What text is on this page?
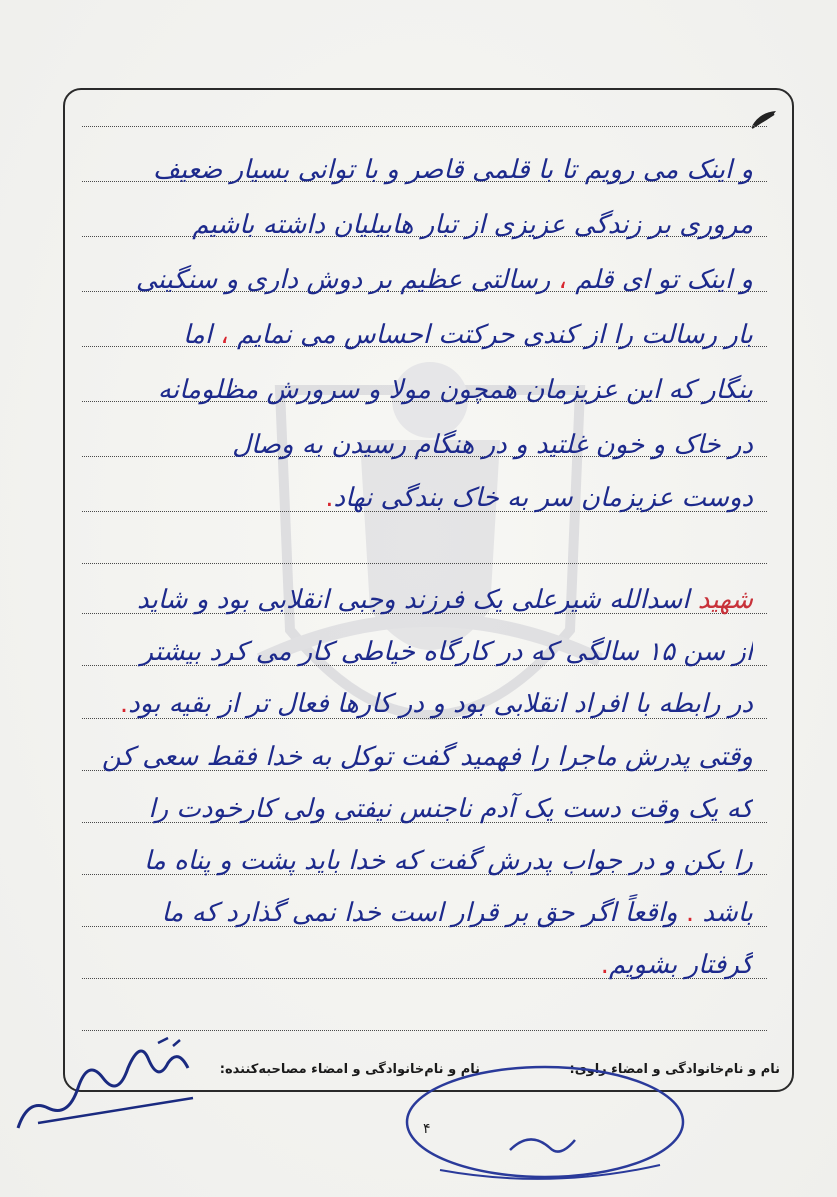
و اینک می رویم تا با قلمی قاصر و با توانی بسیار ضعیف
مروری بر زندگی عزیزی از تبار هابیلیان داشته باشیم
و اینک تو ای قلم ، رسالتی عظیم بر دوش داری و سنگینی
بار رسالت را از کندی حرکتت احساس می نمایم ، اما
بنگار که این عزیزمان همچون مولا و سرورش مظلومانه
در خاک و خون غلتید و در هنگام رسیدن به وصال
دوست عزیزمان سر به خاک بندگی نهاد.
شهید اسدالله شیرعلی یک فرزند وجبی انقلابی بود و شاید
از سن ۱۵ سالگی که در کارگاه خیاطی کار می کرد بیشتر
در رابطه با افراد انقلابی بود و در کارها فعال تر از بقیه بود.
وقتی پدرش ماجرا را فهمید گفت توکل به خدا فقط سعی کن
که یک وقت دست یک آدم ناجنس نیفتی ولی کارخودت را
را بکن و در جواب پدرش گفت که خدا باید پشت و پناه ما
باشد . واقعاً اگر حق بر قرار است خدا نمی گذارد که ما
گرفتار بشویم.
نام و نام‌خانوادگی و امضاء راوی:
نام و نام‌خانوادگی و امضاء مصاحبه‌کننده:
۴
